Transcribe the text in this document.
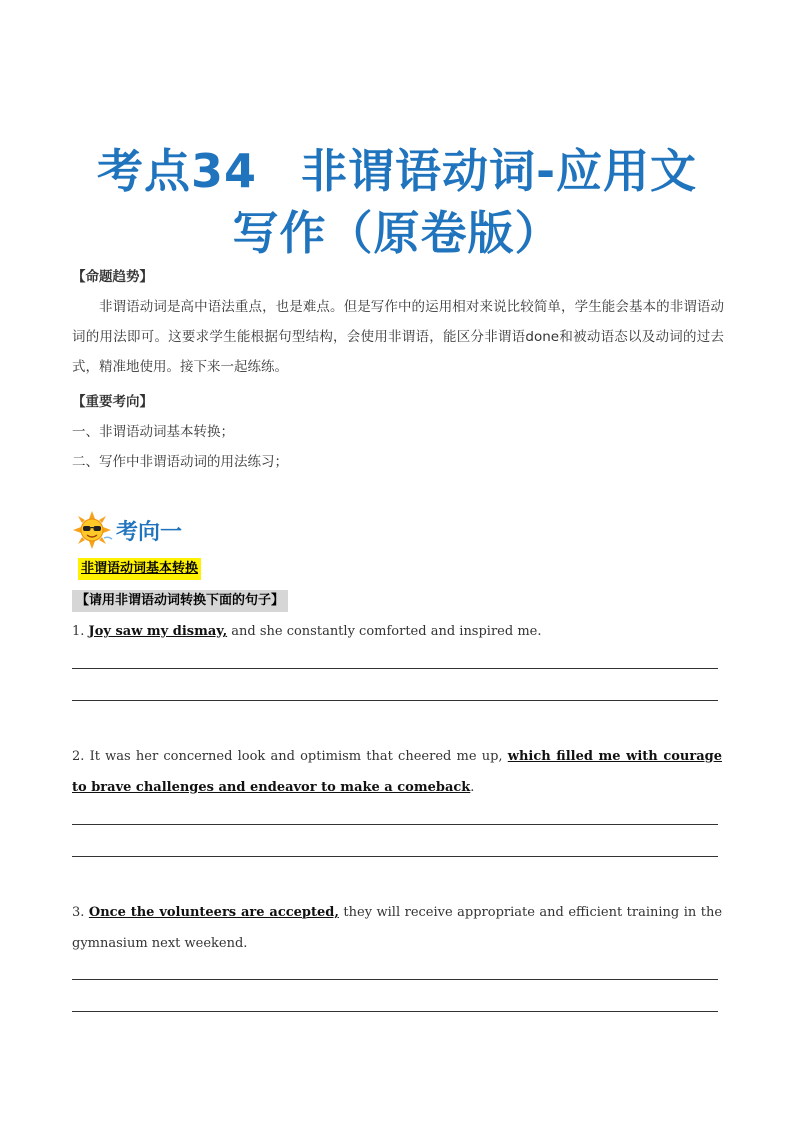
考点34 非谓语动词-应用文
写作（原卷版）
【命题趋势】
非谓语动词是高中语法重点，也是难点。但是写作中的运用相对来说比较简单，学生能会基本的非谓语动词的用法即可。这要求学生能根据句型结构，会使用非谓语，能区分非谓语done和被动语态以及动词的过去式，精准地使用。接下来一起练练。
【重要考向】
一、非谓语动词基本转换；
二、写作中非谓语动词的用法练习；
考向一
非谓语动词基本转换
【请用非谓语动词转换下面的句子】
1. Joy saw my dismay, and she constantly comforted and inspired me.
2. It was her concerned look and optimism that cheered me up, which filled me with courage to brave challenges and endeavor to make a comeback.
3. Once the volunteers are accepted, they will receive appropriate and efficient training in the gymnasium next weekend.
